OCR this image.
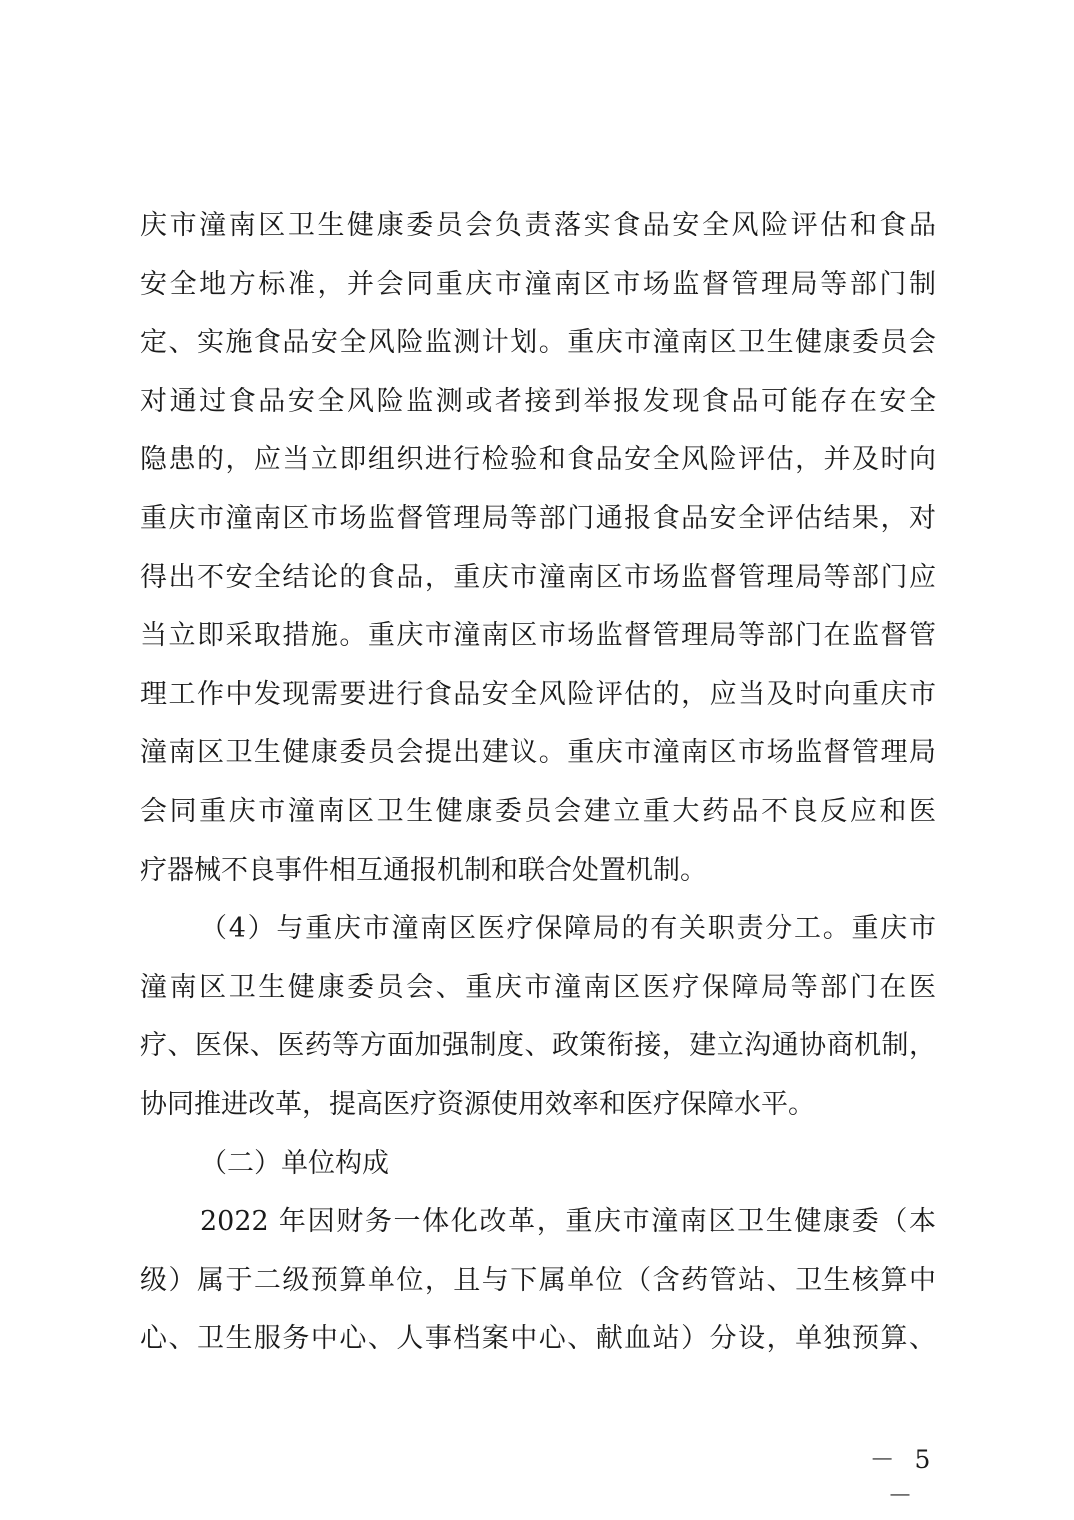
庆市潼南区卫生健康委员会负责落实食品安全风险评估和食品
安全地方标准，并会同重庆市潼南区市场监督管理局等部门制
定、实施食品安全风险监测计划。重庆市潼南区卫生健康委员会
对通过食品安全风险监测或者接到举报发现食品可能存在安全
隐患的，应当立即组织进行检验和食品安全风险评估，并及时向
重庆市潼南区市场监督管理局等部门通报食品安全评估结果，对
得出不安全结论的食品，重庆市潼南区市场监督管理局等部门应
当立即采取措施。重庆市潼南区市场监督管理局等部门在监督管
理工作中发现需要进行食品安全风险评估的，应当及时向重庆市
潼南区卫生健康委员会提出建议。重庆市潼南区市场监督管理局
会同重庆市潼南区卫生健康委员会建立重大药品不良反应和医
疗器械不良事件相互通报机制和联合处置机制。
（4）与重庆市潼南区医疗保障局的有关职责分工。重庆市
潼南区卫生健康委员会、重庆市潼南区医疗保障局等部门在医
疗、医保、医药等方面加强制度、政策衔接，建立沟通协商机制，
协同推进改革，提高医疗资源使用效率和医疗保障水平。
（二）单位构成
2022 年因财务一体化改革，重庆市潼南区卫生健康委（本
级）属于二级预算单位，且与下属单位（含药管站、卫生核算中
心、卫生服务中心、人事档案中心、献血站）分设，单独预算、
－ 5 －
